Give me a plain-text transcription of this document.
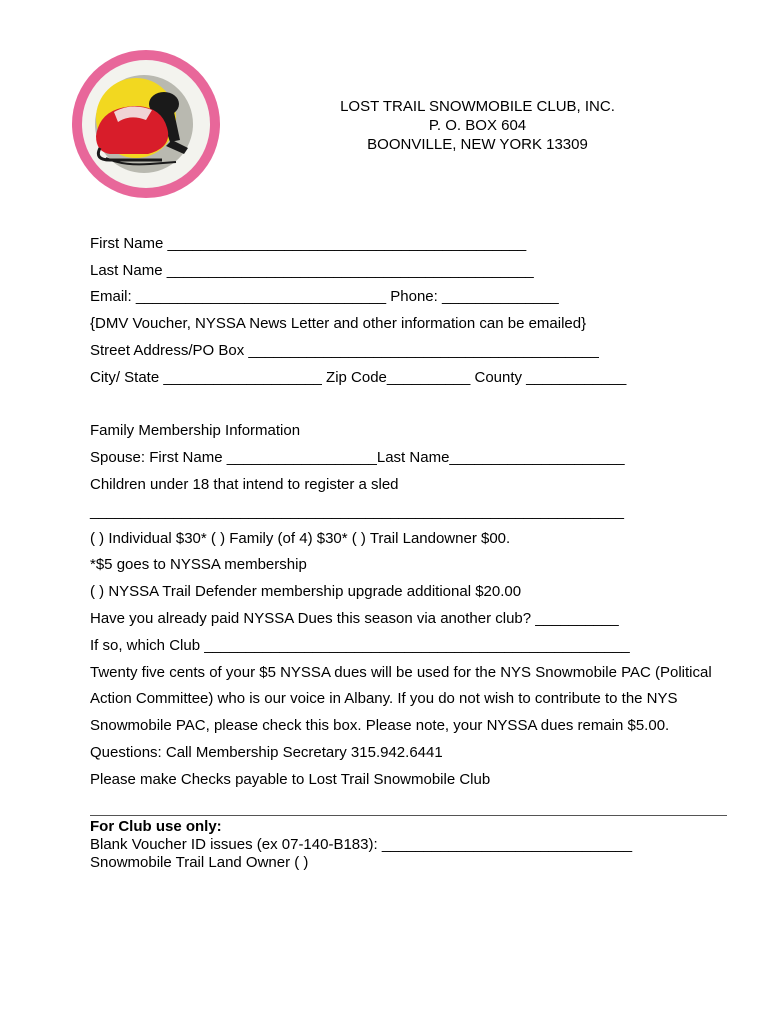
LOST TRAIL SNOWMOBILE CLUB, INC.
P. O. BOX 604
BOONVILLE, NEW YORK 13309
First Name ___________________________________________
Last Name ____________________________________________
Email: ______________________________ Phone: ______________
{DMV Voucher, NYSSA News Letter and other information can be emailed}
Street Address/PO Box __________________________________________
City/ State ___________________ Zip Code__________ County ____________
Family Membership Information
Spouse: First Name __________________Last Name_____________________
Children under 18 that intend to register a sled
________________________________________________________________
( ) Individual $30* ( ) Family (of 4) $30* ( ) Trail Landowner $00.
*$5 goes to NYSSA membership
( ) NYSSA Trail Defender membership upgrade additional $20.00
Have you already paid NYSSA Dues this season via another club? __________
If so, which Club ___________________________________________________
Twenty five cents of your $5 NYSSA dues will be used for the NYS Snowmobile PAC (Political
Action Committee) who is our voice in Albany. If you do not wish to contribute to the NYS
Snowmobile PAC, please check this box. Please note, your NYSSA dues remain $5.00.
Questions: Call Membership Secretary 315.942.6441
Please make Checks payable to Lost Trail Snowmobile Club
For Club use only:
Blank Voucher ID issues (ex 07-140-B183): ______________________________
Snowmobile Trail Land Owner ( )
